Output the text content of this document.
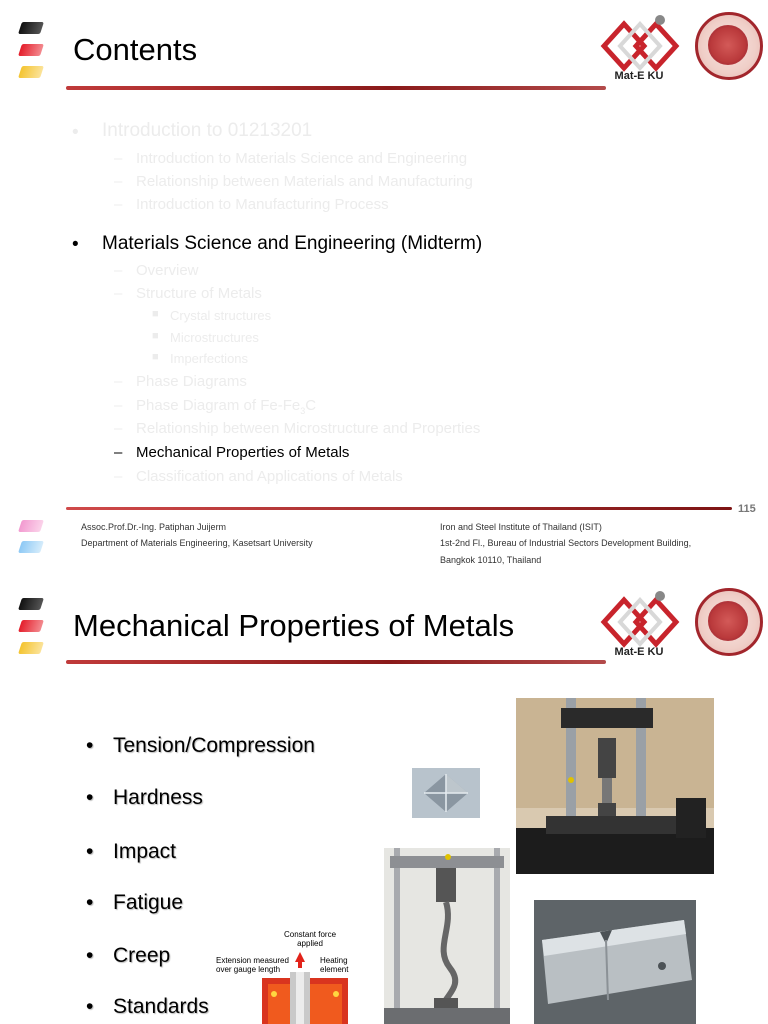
Contents
Mat-E KU
• Introduction to 01213201
– Introduction to Materials Science and Engineering
– Relationship between Materials and Manufacturing
– Introduction to Manufacturing Process
• Materials Science and Engineering (Midterm)
– Overview
– Structure of Metals
■ Crystal structures
■ Microstructures
■ Imperfections
– Phase Diagrams
– Phase Diagram of $Fe-Fe_3C$
– Relationship between Microstructure and Properties
– Mechanical Properties of Metals
– Classification and Applications of Metals
115
Assoc.Prof.Dr.-Ing. Patiphan Juijerm
Department of Materials Engineering, Kasetsart University
Iron and Steel Institute of Thailand (ISIT)
1st-2nd Fl., Bureau of Industrial Sectors Development Building,
Bangkok 10110, Thailand
Mechanical Properties of Metals
Mat-E KU
• Tension/Compression
• Hardness
• Impact
• Fatigue
• Creep
• Standards
Constant force applied
Extension measured over gauge length
Heating element
